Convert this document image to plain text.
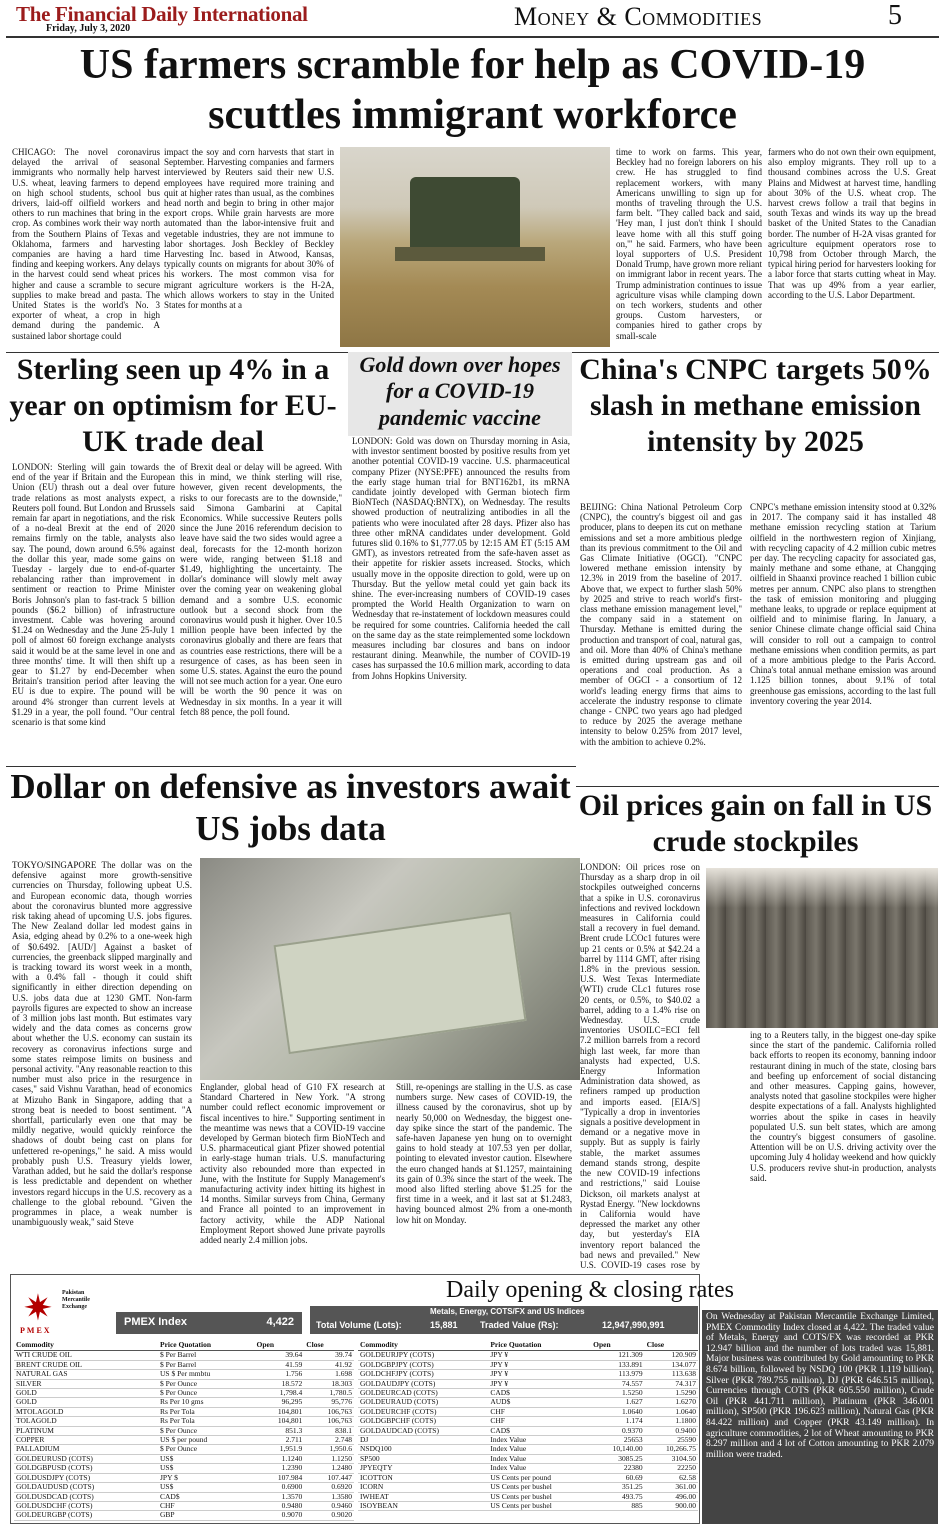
The Financial Daily International
Friday, July 3, 2020	Money & Commodities	5
US farmers scramble for help as COVID-19 scuttles immigrant workforce
CHICAGO: The novel coronavirus delayed the arrival of seasonal immigrants who normally help harvest U.S. wheat, leaving farmers to depend on high school students, school bus drivers, laid-off oilfield workers and others to run machines that bring in the crop. As combines work their way north from the Southern Plains of Texas and Oklahoma, farmers and harvesting companies are having a hard time finding and keeping workers. Any delays in the harvest could send wheat prices higher and cause a scramble to secure supplies to make bread and pasta. The United States is the world's No. 3 exporter of wheat, a crop in high demand during the pandemic. A sustained labor shortage could
impact the soy and corn harvests that start in September. Harvesting companies and farmers interviewed by Reuters said their new U.S. employees have required more training and quit at higher rates than usual, as the combines head north and begin to bring in other major export crops. While grain harvests are more automated than the labor-intensive fruit and vegetable industries, they are not immune to labor shortages. Josh Beckley of Beckley Harvesting Inc. based in Atwood, Kansas, typically counts on migrants for about 30% of his workers. The most common visa for migrant agriculture workers is the H-2A, which allows workers to stay in the United States for months at a
time to work on farms. This year, Beckley had no foreign laborers on his crew. He has struggled to find replacement workers, with many Americans unwilling to sign up for months of traveling through the U.S. farm belt. "They called back and said, 'Hey man, I just don't think I should leave home with all this stuff going on,'" he said. Farmers, who have been loyal supporters of U.S. President Donald Trump, have grown more reliant on immigrant labor in recent years. The Trump administration continues to issue agriculture visas while clamping down on tech workers, students and other groups. Custom harvesters, or companies hired to gather crops by small-scale
farmers who do not own their own equipment, also employ migrants. They roll up to a thousand combines across the U.S. Great Plains and Midwest at harvest time, handling about 30% of the U.S. wheat crop. The harvest crews follow a trail that begins in south Texas and winds its way up the bread basket of the United States to the Canadian border. The number of H-2A visas granted for agriculture equipment operators rose to 10,798 from October through March, the typical hiring period for harvesters looking for a labor force that starts cutting wheat in May. That was up 49% from a year earlier, according to the U.S. Labor Department.
Sterling seen up 4% in a year on optimism for EU-UK trade deal
LONDON: Sterling will gain towards the end of the year if Britain and the European Union (EU) thrash out a deal over future trade relations as most analysts expect, a Reuters poll found. But London and Brussels remain far apart in negotiations, and the risk of a no-deal Brexit at the end of 2020 remains firmly on the table, analysts also say. The pound, down around 6.5% against the dollar this year, made some gains on Tuesday - largely due to end-of-quarter rebalancing rather than improvement in sentiment or reaction to Prime Minister Boris Johnson's plan to fast-track 5 billion pounds ($6.2 billion) of infrastructure investment. Cable was hovering around $1.24 on Wednesday and the June 25-July 1 poll of almost 60 foreign exchange analysts said it would be at the same level in one and three months' time. It will then shift up a gear to $1.27 by end-December when Britain's transition period after leaving the EU is due to expire. The pound will be around 4% stronger than current levels at $1.29 in a year, the poll found. "Our central scenario is that some kind
of Brexit deal or delay will be agreed. With this in mind, we think sterling will rise, however, given recent developments, the risks to our forecasts are to the downside," said Simona Gambarini at Capital Economics. While successive Reuters polls since the June 2016 referendum decision to leave have said the two sides would agree a deal, forecasts for the 12-month horizon were wide, ranging between $1.18 and $1.49, highlighting the uncertainty. The dollar's dominance will slowly melt away over the coming year on weakening global demand and a sombre U.S. economic outlook but a second shock from the coronavirus would push it higher. Over 10.5 million people have been infected by the coronavirus globally and there are fears that as countries ease restrictions, there will be a resurgence of cases, as has been seen in some U.S. states. Against the euro the pound will not see much action for a year. One euro will be worth the 90 pence it was on Wednesday in six months. In a year it will fetch 88 pence, the poll found.
Gold down over hopes for a COVID-19 pandemic vaccine
LONDON: Gold was down on Thursday morning in Asia, with investor sentiment boosted by positive results from yet another potential COVID-19 vaccine. U.S. pharmaceutical company Pfizer (NYSE:PFE) announced the results from the early stage human trial for BNT162b1, its mRNA candidate jointly developed with German biotech firm BioNTech (NASDAQ:BNTX), on Wednesday. The results showed production of neutralizing antibodies in all the patients who were inoculated after 28 days. Pfizer also has three other mRNA candidates under development. Gold futures slid 0.16% to $1,777.05 by 12:15 AM ET (5:15 AM GMT), as investors retreated from the safe-haven asset as their appetite for riskier assets increased. Stocks, which usually move in the opposite direction to gold, were up on Thursday. But the yellow metal could yet gain back its shine. The ever-increasing numbers of COVID-19 cases prompted the World Health Organization to warn on Wednesday that re-instatement of lockdown measures could be required for some countries. California heeded the call on the same day as the state reimplemented some lockdown measures including bar closures and bans on indoor restaurant dining. Meanwhile, the number of COVID-19 cases has surpassed the 10.6 million mark, according to data from Johns Hopkins University.
China's CNPC targets 50% slash in methane emission intensity by 2025
BEIJING: China National Petroleum Corp (CNPC), the country's biggest oil and gas producer, plans to deepen its cut on methane emissions and set a more ambitious pledge than its previous commitment to the Oil and Gas Climate Initiative (OGCI). "CNPC lowered methane emission intensity by 12.3% in 2019 from the baseline of 2017. Above that, we expect to further slash 50% by 2025 and strive to reach world's first-class methane emission management level," the company said in a statement on Thursday. Methane is emitted during the production and transport of coal, natural gas, and oil. More than 40% of China's methane is emitted during upstream gas and oil operations and coal production. As a member of OGCI - a consortium of 12 world's leading energy firms that aims to accelerate the industry response to climate change - CNPC two years ago had pledged to reduce by 2025 the average methane intensity to below 0.25% from 2017 level, with the ambition to achieve 0.2%.
CNPC's methane emission intensity stood at 0.32% in 2017. The company said it has installed 48 methane emission recycling station at Tarium oilfield in the northwestern region of Xinjiang, with recycling capacity of 4.2 million cubic metres per day. The recycling capacity for associated gas, mainly methane and some ethane, at Changqing oilfield in Shaanxi province reached 1 billion cubic metres per annum. CNPC also plans to strengthen the task of emission monitoring and plugging methane leaks, to upgrade or replace equipment at oilfield and to minimise flaring. In January, a senior Chinese climate change official said China will consider to roll out a campaign to control methane emissions when condition permits, as part of a more ambitious pledge to the Paris Accord. China's total annual methane emission was around 1.125 billion tonnes, about 9.1% of total greenhouse gas emissions, according to the last full inventory covering the year 2014.
Dollar on defensive as investors await US jobs data
TOKYO/SINGAPORE The dollar was on the defensive against more growth-sensitive currencies on Thursday, following upbeat U.S. and European economic data, though worries about the coronavirus blunted more aggressive risk taking ahead of upcoming U.S. jobs figures. The New Zealand dollar led modest gains in Asia, edging ahead by 0.2% to a one-week high of $0.6492. [AUD/] Against a basket of currencies, the greenback slipped marginally and is tracking toward its worst week in a month, with a 0.4% fall - though it could shift significantly in either direction depending on U.S. jobs data due at 1230 GMT. Non-farm payrolls figures are expected to show an increase of 3 million jobs last month. But estimates vary widely and the data comes as concerns grow about whether the U.S. economy can sustain its recovery as coronavirus infections surge and some states reimpose limits on business and personal activity. "Any reasonable reaction to this number must also price in the resurgence in cases," said Vishnu Varathan, head of economics at Mizuho Bank in Singapore, adding that a strong beat is needed to boost sentiment. "A shortfall, particularly even one that may be mildly negative, would quickly reinforce the shadows of doubt being cast on plans for unfettered re-openings," he said. A miss would probably push U.S. Treasury yields lower, Varathan added, but he said the dollar's response is less predictable and dependent on whether investors regard hiccups in the U.S. recovery as a challenge to the global rebound. "Given the programmes in place, a weak number is unambiguously weak," said Steve
Englander, global head of G10 FX research at Standard Chartered in New York. "A strong number could reflect economic improvement or fiscal incentives to hire." Supporting sentiment in the meantime was news that a COVID-19 vaccine developed by German biotech firm BioNTech and U.S. pharmaceutical giant Pfizer showed potential in early-stage human trials. U.S. manufacturing activity also rebounded more than expected in June, with the Institute for Supply Management's manufacturing activity index hitting its highest in 14 months. Similar surveys from China, Germany and France all pointed to an improvement in factory activity, while the ADP National Employment Report showed June private payrolls added nearly 2.4 million jobs.
Still, re-openings are stalling in the U.S. as case numbers surge. New cases of COVID-19, the illness caused by the coronavirus, shot up by nearly 50,000 on Wednesday, the biggest one-day spike since the start of the pandemic. The safe-haven Japanese yen hung on to overnight gains to hold steady at 107.53 yen per dollar, pointing to elevated investor caution. Elsewhere the euro changed hands at $1.1257, maintaining its gain of 0.3% since the start of the week. The mood also lifted sterling above $1.25 for the first time in a week, and it last sat at $1.2483, having bounced almost 2% from a one-month low hit on Monday.
Oil prices gain on fall in US crude stockpiles
LONDON: Oil prices rose on Thursday as a sharp drop in oil stockpiles outweighed concerns that a spike in U.S. coronavirus infections and revived lockdown measures in California could stall a recovery in fuel demand. Brent crude LCOc1 futures were up 21 cents or 0.5% at $42.24 a barrel by 1114 GMT, after rising 1.8% in the previous session. U.S. West Texas Intermediate (WTI) crude CLc1 futures rose 20 cents, or 0.5%, to $40.02 a barrel, adding to a 1.4% rise on Wednesday. U.S. crude inventories USOILC=ECI fell 7.2 million barrels from a record high last week, far more than analysts had expected, U.S. Energy Information Administration data showed, as refiners ramped up production and imports eased. [EIA/S] "Typically a drop in inventories signals a positive development in demand or a negative move in supply. But as supply is fairly stable, the market assumes demand stands strong, despite the new COVID-19 infections and restrictions," said Louise Dickson, oil markets analyst at Rystad Energy. "New lockdowns in California would have depressed the market any other day, but yesterday's EIA inventory report balanced the bad news and prevailed." New U.S. COVID-19 cases rose by
ing to a Reuters tally, in the biggest one-day spike since the start of the pandemic. California rolled back efforts to reopen its economy, banning indoor restaurant dining in much of the state, closing bars and beefing up enforcement of social distancing and other measures. Capping gains, however, analysts noted that gasoline stockpiles were higher despite expectations of a fall. Analysts highlighted worries about the spike in cases in heavily populated U.S. sun belt states, which are among the country's biggest consumers of gasoline. Attention will be on U.S. driving activity over the upcoming July 4 holiday weekend and how quickly U.S. producers revive shut-in production, analysts said.
Daily opening & closing rates
✷	Pakistan Mercantile Exchange
PMEX
PMEX Index	4,422
Metals, Energy, COTS/FX and US Indices
Total Volume (Lots):	15,881 Traded Value (Rs):	12,947,990,991
Commodity	Price Quotation	Open	Close
WTI CRUDE OIL	$ Per Barrel	39.64	39.74
BRENT CRUDE OIL	$ Per Barrel	41.59	41.92
NATURAL GAS	US $ Per mmbtu	1.756	1.698
SILVER	$ Per Ounce	18.572	18.303
GOLD	$ Per Ounce	1,798.4	1,780.5
GOLD	Rs Per 10 gms	96,295	95,776
MTOLAGOLD	Rs Per Tola	104,801	106,763
TOLAGOLD	Rs Per Tola	104,801	106,763
PLATINUM	$ Per Ounce	851.3	838.1
COPPER	US $ per pound	2.711	2.748
PALLADIUM	$ Per Ounce	1,951.9	1,950.6
GOLDEURUSD (COTS)	US$	1.1240	1.1250
GOLDGBPUSD (COTS)	US$	1.2390	1.2480
GOLDUSDJPY (COTS)	JPY $	107.984	107.447
GOLDAUDUSD (COTS)	US$	0.6900	0.6920
GOLDUSDCAD (COTS)	CAD$	1.3570	1.3580
GOLDUSDCHF (COTS)	CHF	0.9480	0.9460
GOLDEURGBP (COTS)	GBP	0.9070	0.9020
Commodity	Price Quotation	Open	Close
GOLDEURJPY (COTS)	JPY ¥	121.309	120.909
GOLDGBPJPY (COTS)	JPY ¥	133.891	134.077
GOLDCHFJPY (COTS)	JPY ¥	113.979	113.638
GOLDAUDJPY (COTS)	JPY ¥	74.557	74.317
GOLDEURCAD (COTS)	CAD$	1.5250	1.5290
GOLDEURAUD (COTS)	AUD$	1.627	1.6270
GOLDEURCHF (COTS)	CHF	1.0640	1.0640
GOLDGBPCHF (COTS)	CHF	1.174	1.1800
GOLDAUDCAD (COTS)	CAD$	0.9370	0.9400
DJ	Index Value	25653	25590
NSDQ100	Index Value	10,140.00	10,266.75
SP500	Index Value	3085.25	3104.50
JPYEQTY	Index Value	22380	22250
ICOTTON	US Cents per pound	60.69	62.58
ICORN	US Cents per bushel	351.25	361.00
IWHEAT	US Cents per bushel	493.75	496.00
ISOYBEAN	US Cents per bushel	885	900.00
On Wednesday at Pakistan Mercantile Exchange Limited, PMEX Commodity Index closed at 4,422. The traded value of Metals, Energy and COTS/FX was recorded at PKR 12.947 billion and the number of lots traded was 15,881. Major business was contributed by Gold amounting to PKR 8.674 billion, followed by NSDQ 100 (PKR 1.119 billion), Silver (PKR 789.755 million), DJ (PKR 646.515 million), Currencies through COTS (PKR 605.550 million), Crude Oil (PKR 441.711 million), Platinum (PKR 346.001 million), SP500 (PKR 196.623 million), Natural Gas (PKR 84.422 million) and Copper (PKR 43.149 million). In agriculture commodities, 2 lot of Wheat amounting to PKR 8.297 million and 4 lot of Cotton amounting to PKR 2.079 million were traded.
